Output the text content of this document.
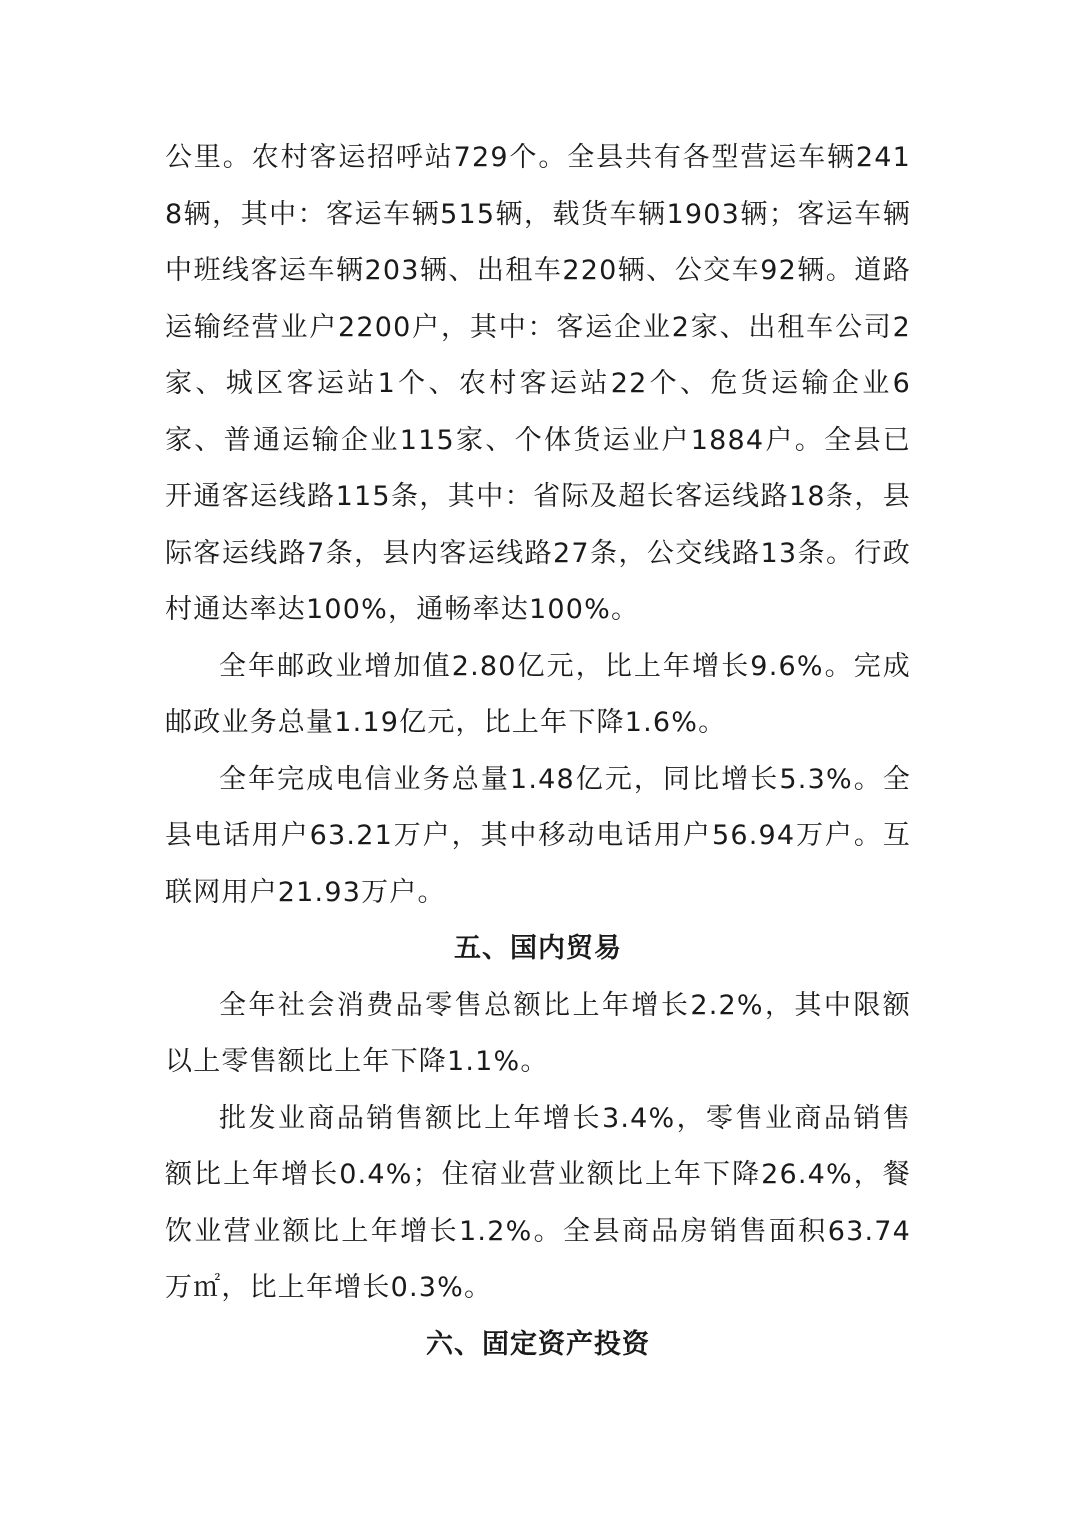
公里。农村客运招呼站729个。全县共有各型营运车辆2418辆，其中：客运车辆515辆，载货车辆1903辆；客运车辆中班线客运车辆203辆、出租车220辆、公交车92辆。道路运输经营业户2200户，其中：客运企业2家、出租车公司2家、城区客运站1个、农村客运站22个、危货运输企业6家、普通运输企业115家、个体货运业户1884户。全县已开通客运线路115条，其中：省际及超长客运线路18条，县际客运线路7条，县内客运线路27条，公交线路13条。行政村通达率达100%，通畅率达100%。

全年邮政业增加值2.80亿元，比上年增长9.6%。完成邮政业务总量1.19亿元，比上年下降1.6%。

全年完成电信业务总量1.48亿元，同比增长5.3%。全县电话用户63.21万户，其中移动电话用户56.94万户。互联网用户21.93万户。

五、国内贸易

全年社会消费品零售总额比上年增长2.2%，其中限额以上零售额比上年下降1.1%。

批发业商品销售额比上年增长3.4%，零售业商品销售额比上年增长0.4%；住宿业营业额比上年下降26.4%，餐饮业营业额比上年增长1.2%。全县商品房销售面积63.74万㎡，比上年增长0.3%。

六、固定资产投资
